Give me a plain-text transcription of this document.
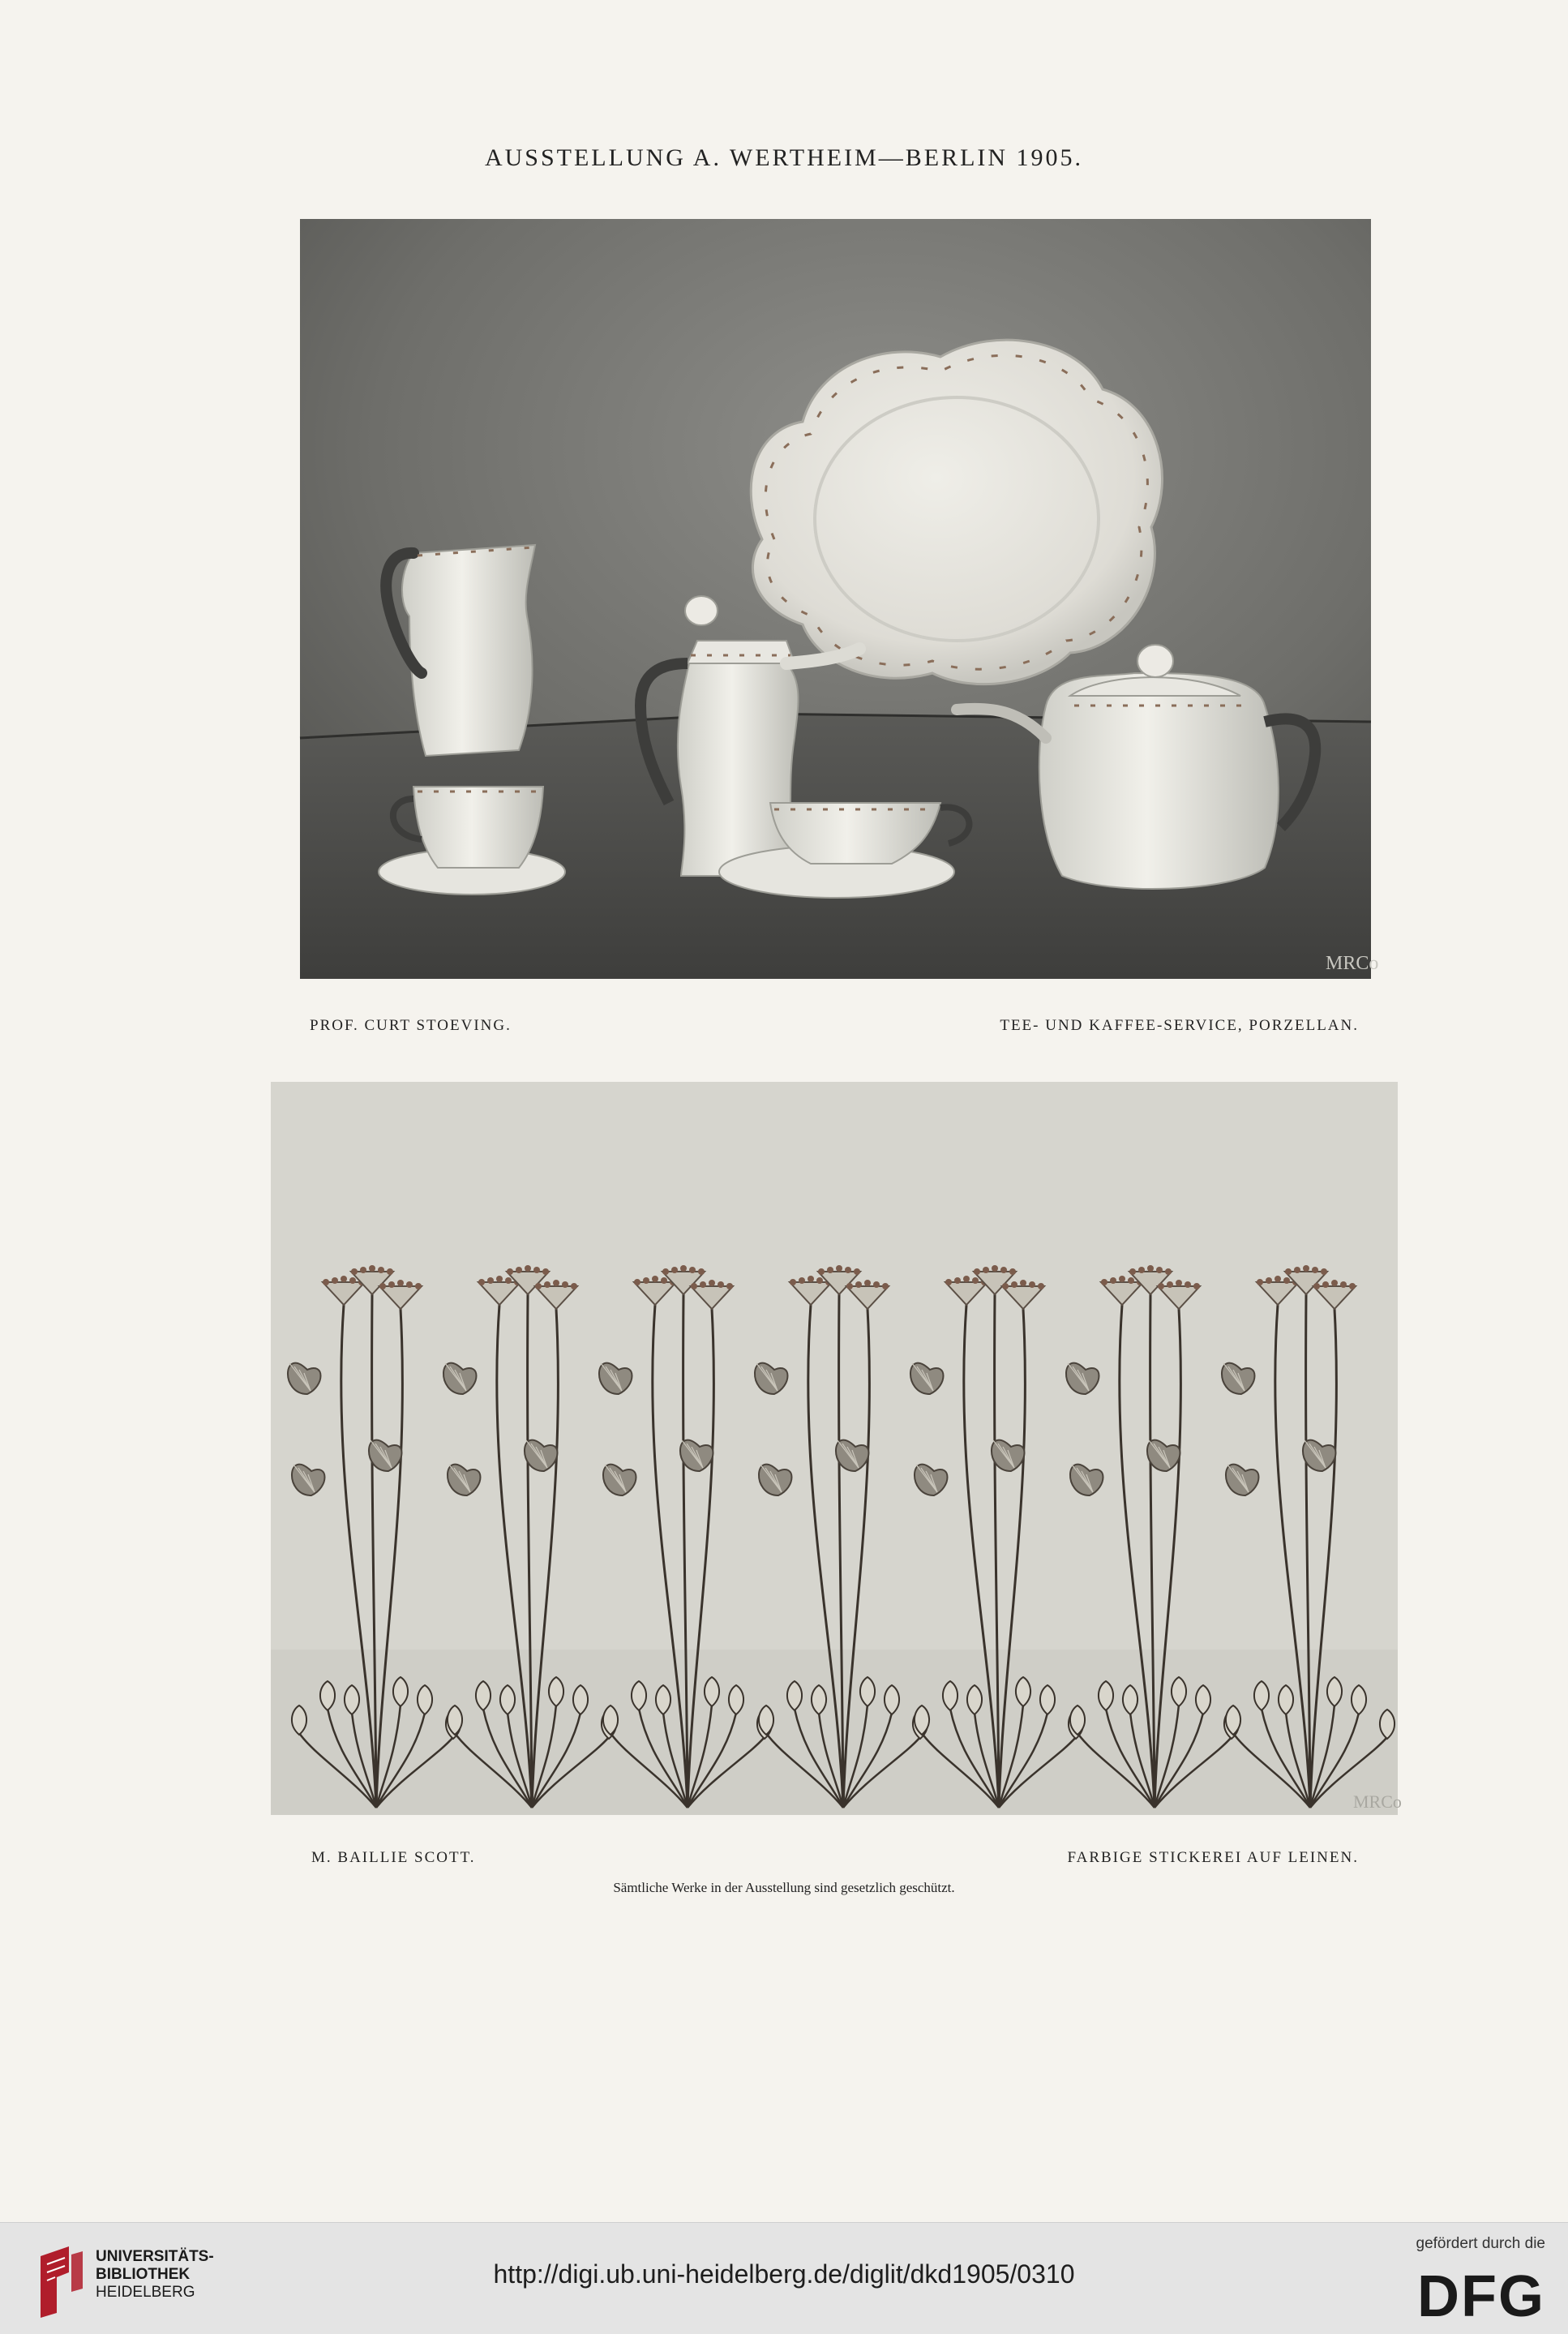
AUSSTELLUNG A. WERTHEIM—BERLIN 1905.
MRCo
PROF. CURT STOEVING.	TEE- UND KAFFEE-SERVICE, PORZELLAN.
MRCo
M. BAILLIE SCOTT.	FARBIGE STICKEREI AUF LEINEN.
Sämtliche Werke in der Ausstellung sind gesetzlich geschützt.
UNIVERSITÄTS-
BIBLIOTHEK
HEIDELBERG
http://digi.ub.uni-heidelberg.de/diglit/dkd1905/0310
gefördert durch die
DFG
